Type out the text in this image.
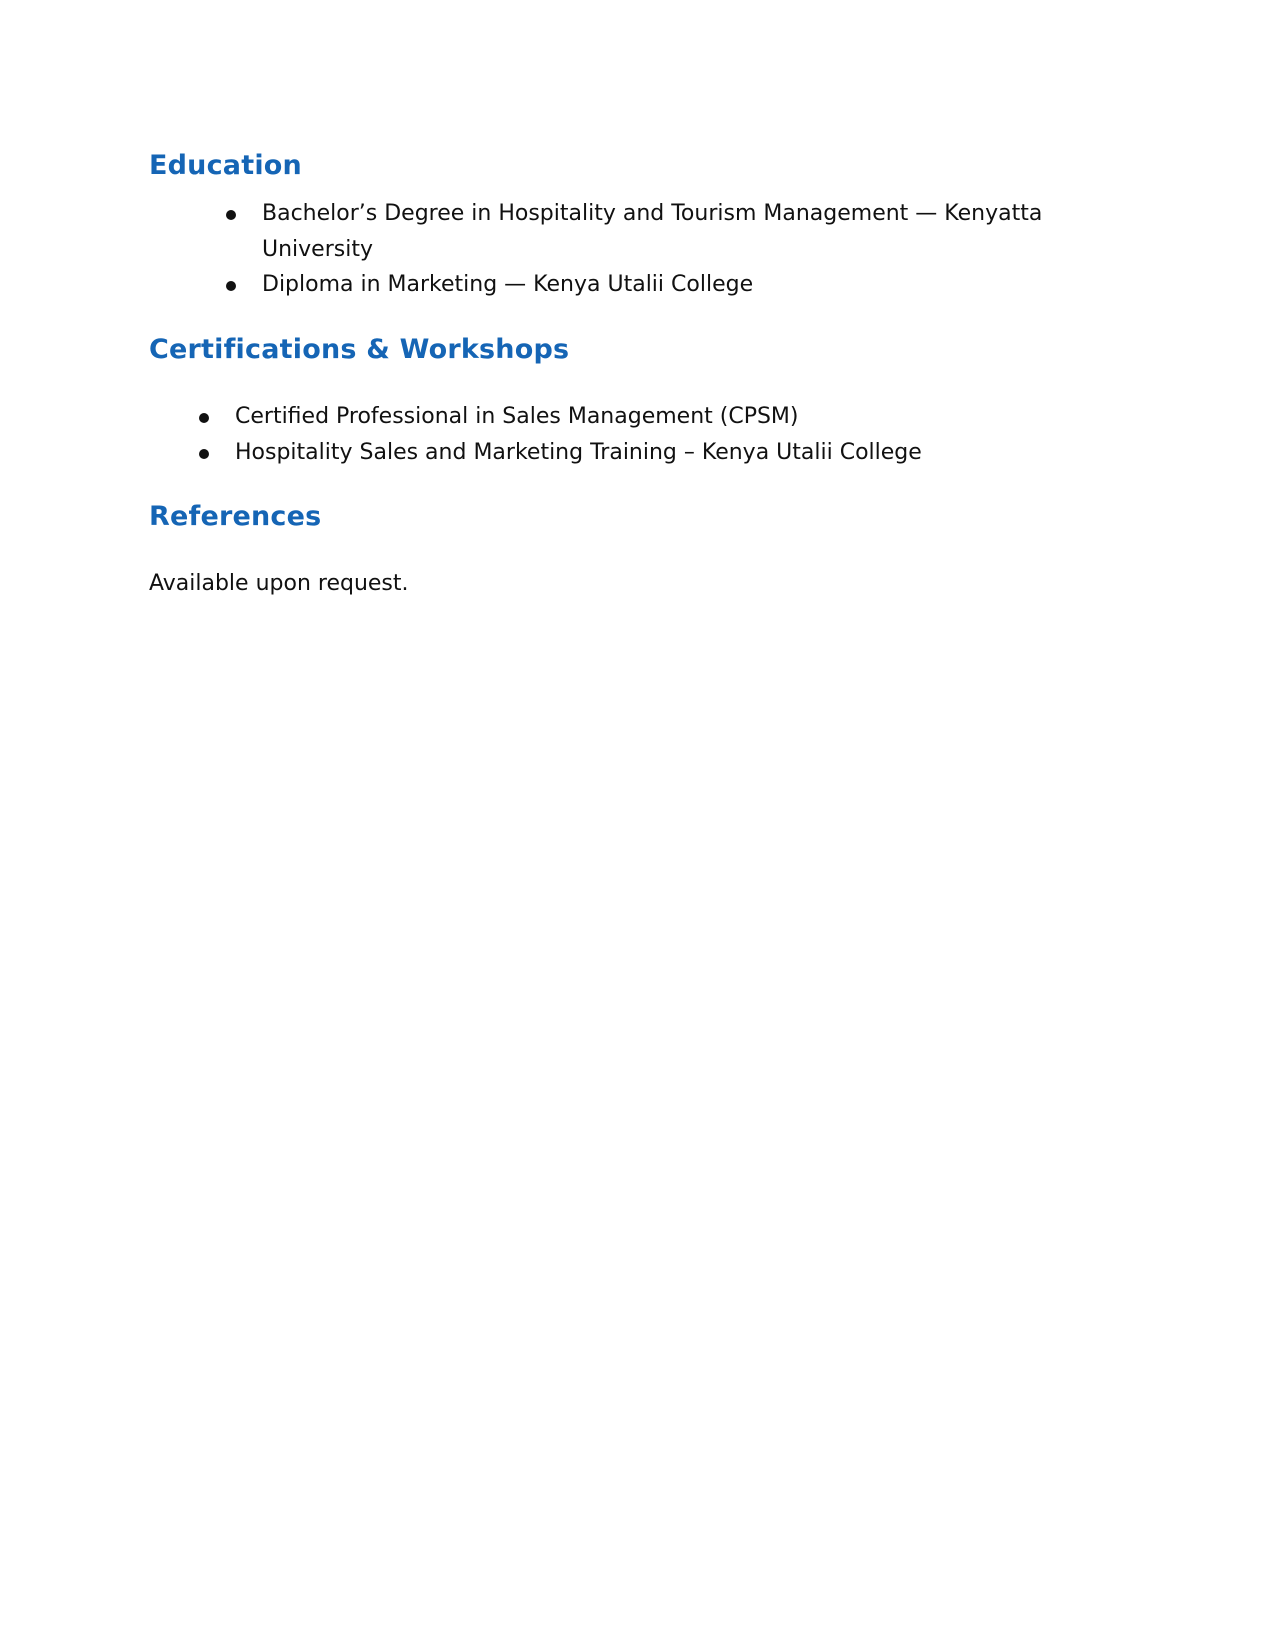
Education
Bachelor’s Degree in Hospitality and Tourism Management — Kenyatta University
Diploma in Marketing — Kenya Utalii College
Certifications & Workshops
Certified Professional in Sales Management (CPSM)
Hospitality Sales and Marketing Training – Kenya Utalii College
References

Available upon request.
